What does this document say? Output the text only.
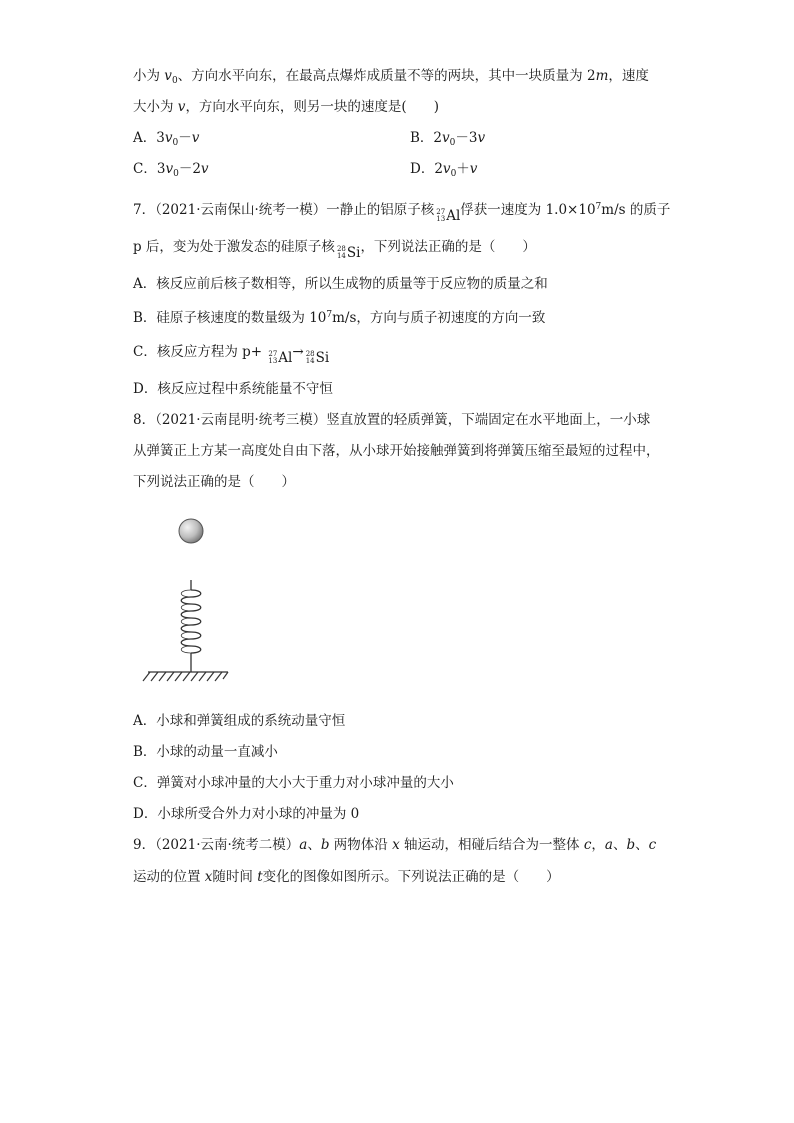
小为 $v_0$、方向水平向东，在最高点爆炸成质量不等的两块，其中一块质量为 2m，速度
大小为 v，方向水平向东，则另一块的速度是(　　)
A．$3v_0-v$	B．$2v_0-3v$
C．$3v_0-2v$	D．$2v_0+v$
7．（2021·云南保山·统考一模）一静止的铝原子核 27
13 Al 俘获一速度为 $1.0\times 10^7m/s$ 的质子
p 后，变为处于激发态的硅原子核 28
14 Si ，下列说法正确的是（　　）
A．核反应前后核子数相等，所以生成物的质量等于反应物的质量之和
B．硅原子核速度的数量级为 $10^7m/s$，方向与质子初速度的方向一致
C．核反应方程为 p+ 27
13 Al → 28
14 Si
D．核反应过程中系统能量不守恒
8．（2021·云南昆明·统考三模）竖直放置的轻质弹簧，下端固定在水平地面上，一小球
从弹簧正上方某一高度处自由下落，从小球开始接触弹簧到将弹簧压缩至最短的过程中，
下列说法正确的是（　　）
A．小球和弹簧组成的系统动量守恒
B．小球的动量一直减小
C．弹簧对小球冲量的大小大于重力对小球冲量的大小
D．小球所受合外力对小球的冲量为 0
9．（2021·云南·统考二模）a、b 两物体沿 x 轴运动，相碰后结合为一整体 c，a、b、c
运动的位置 x随时间 t变化的图像如图所示。下列说法正确的是（　　）
